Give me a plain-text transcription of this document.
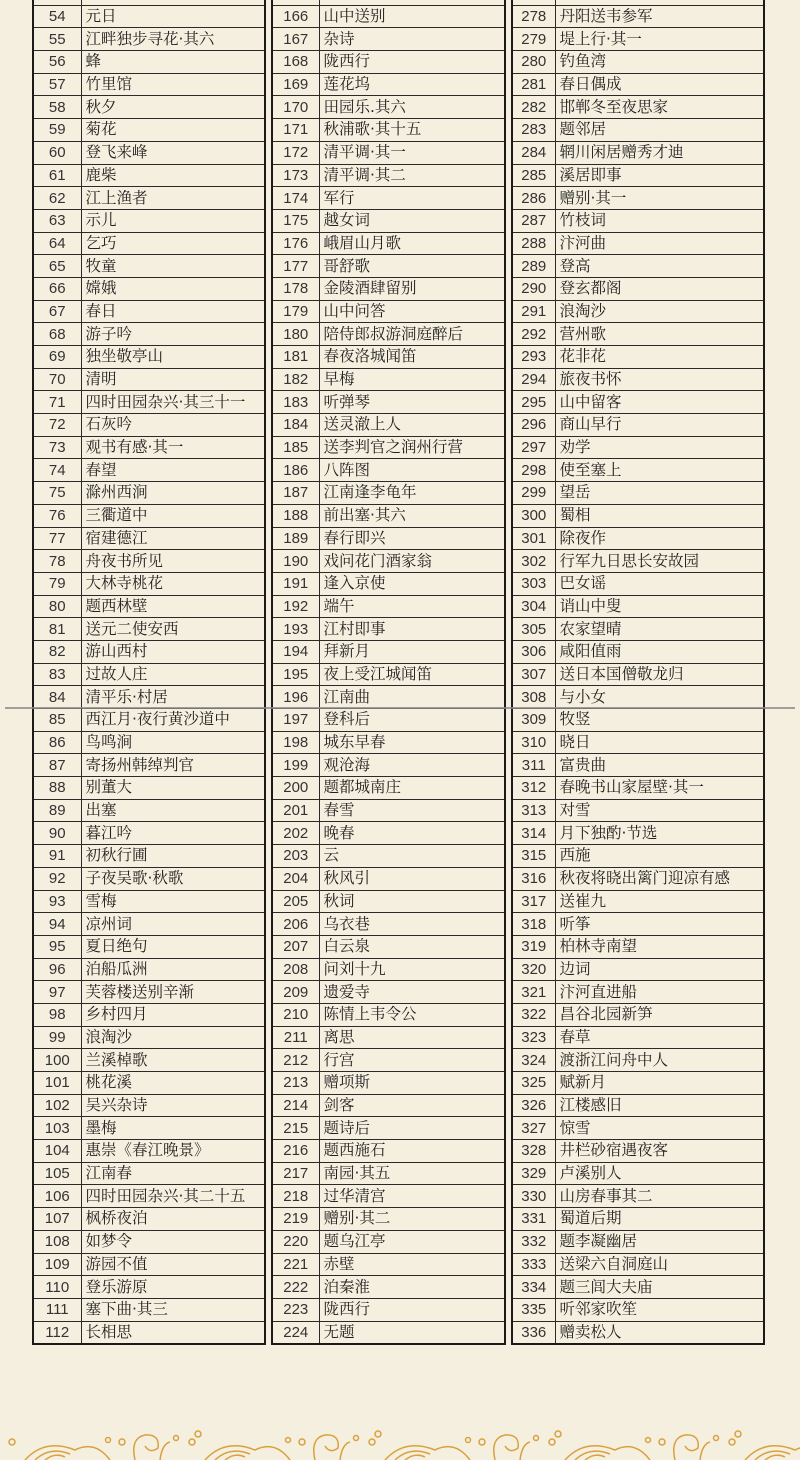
54	元日
55	江畔独步寻花·其六
56	蜂
57	竹里馆
58	秋夕
59	菊花
60	登飞来峰
61	鹿柴
62	江上渔者
63	示儿
64	乞巧
65	牧童
66	嫦娥
67	春日
68	游子吟
69	独坐敬亭山
70	清明
71	四时田园杂兴·其三十一
72	石灰吟
73	观书有感·其一
74	春望
75	滁州西涧
76	三衢道中
77	宿建德江
78	舟夜书所见
79	大林寺桃花
80	题西林壁
81	送元二使安西
82	游山西村
83	过故人庄
84	清平乐·村居
85	西江月·夜行黄沙道中
86	鸟鸣涧
87	寄扬州韩绰判官
88	别董大
89	出塞
90	暮江吟
91	初秋行圃
92	子夜吴歌·秋歌
93	雪梅
94	凉州词
95	夏日绝句
96	泊船瓜洲
97	芙蓉楼送别辛渐
98	乡村四月
99	浪淘沙
100	兰溪棹歌
101	桃花溪
102	吴兴杂诗
103	墨梅
104	惠崇《春江晚景》
105	江南春
106	四时田园杂兴·其二十五
107	枫桥夜泊
108	如梦令
109	游园不值
110	登乐游原
111	塞下曲·其三
112	长相思

166	山中送别
167	杂诗
168	陇西行
169	莲花坞
170	田园乐.其六
171	秋浦歌·其十五
172	清平调·其一
173	清平调·其二
174	军行
175	越女词
176	峨眉山月歌
177	哥舒歌
178	金陵酒肆留别
179	山中问答
180	陪侍郎叔游洞庭醉后
181	春夜洛城闻笛
182	早梅
183	听弹琴
184	送灵澈上人
185	送李判官之润州行营
186	八阵图
187	江南逢李龟年
188	前出塞·其六
189	春行即兴
190	戏问花门酒家翁
191	逢入京使
192	端午
193	江村即事
194	拜新月
195	夜上受江城闻笛
196	江南曲
197	登科后
198	城东早春
199	观沧海
200	题都城南庄
201	春雪
202	晚春
203	云
204	秋风引
205	秋词
206	乌衣巷
207	白云泉
208	问刘十九
209	遗爱寺
210	陈情上韦令公
211	离思
212	行宫
213	赠项斯
214	剑客
215	题诗后
216	题西施石
217	南园·其五
218	过华清宫
219	赠别·其二
220	题乌江亭
221	赤壁
222	泊秦淮
223	陇西行
224	无题

278	丹阳送韦参军
279	堤上行·其一
280	钓鱼湾
281	春日偶成
282	邯郸冬至夜思家
283	题邻居
284	辋川闲居赠秀才迪
285	溪居即事
286	赠别·其一
287	竹枝词
288	汴河曲
289	登高
290	登玄都阁
291	浪淘沙
292	营州歌
293	花非花
294	旅夜书怀
295	山中留客
296	商山早行
297	劝学
298	使至塞上
299	望岳
300	蜀相
301	除夜作
302	行军九日思长安故园
303	巴女谣
304	诮山中叟
305	农家望晴
306	咸阳值雨
307	送日本国僧敬龙归
308	与小女
309	牧竖
310	晓日
311	富贵曲
312	春晚书山家屋壁·其一
313	对雪
314	月下独酌·节选
315	西施
316	秋夜将晓出篱门迎凉有感
317	送崔九
318	听筝
319	柏林寺南望
320	边词
321	汴河直进船
322	昌谷北园新笋
323	春草
324	渡浙江问舟中人
325	赋新月
326	江楼感旧
327	惊雪
328	井栏砂宿遇夜客
329	卢溪别人
330	山房春事其二
331	蜀道后期
332	题李凝幽居
333	送梁六自洞庭山
334	题三闾大夫庙
335	听邻家吹笙
336	赠卖松人
